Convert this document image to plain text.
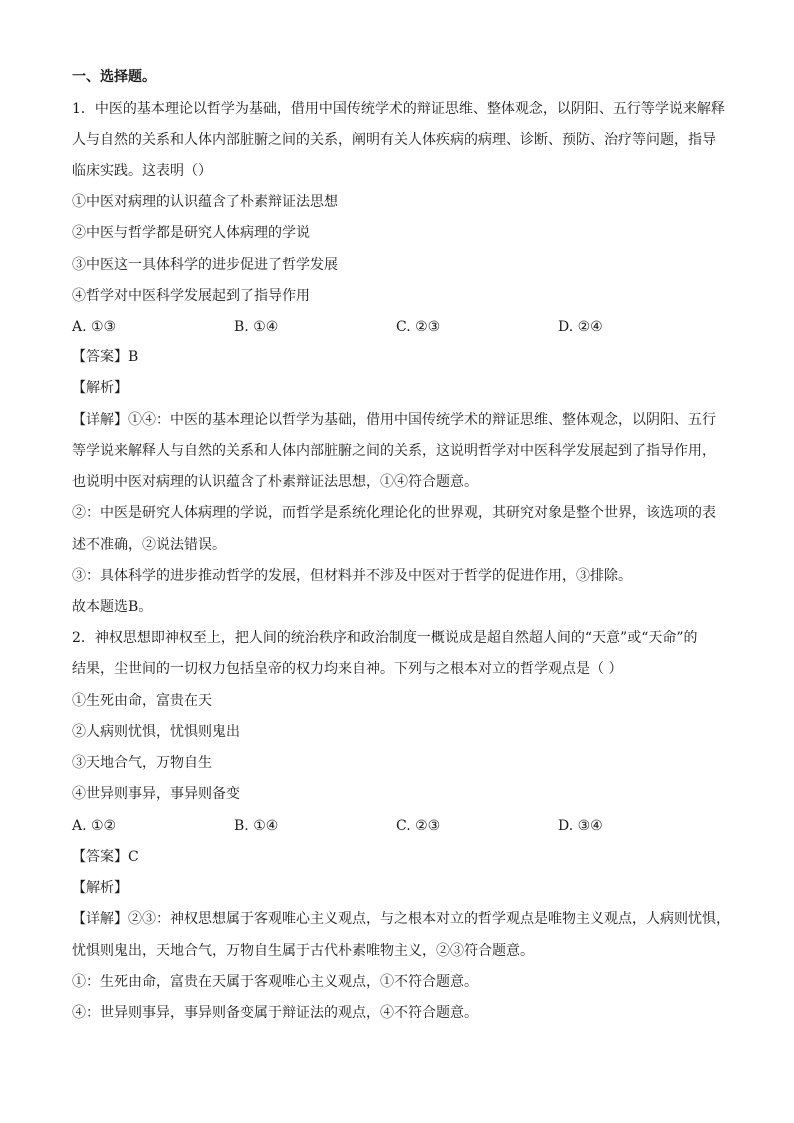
一、选择题。
1．中医的基本理论以哲学为基础，借用中国传统学术的辩证思维、整体观念，以阴阳、五行等学说来解释
人与自然的关系和人体内部脏腑之间的关系，阐明有关人体疾病的病理、诊断、预防、治疗等问题，指导
临床实践。这表明（）
①中医对病理的认识蕴含了朴素辩证法思想
②中医与哲学都是研究人体病理的学说
③中医这一具体科学的进步促进了哲学发展
④哲学对中医科学发展起到了指导作用
A. ①③	B. ①④	C. ②③	D. ②④
【答案】B
【解析】
【详解】①④：中医的基本理论以哲学为基础，借用中国传统学术的辩证思维、整体观念，以阴阳、五行
等学说来解释人与自然的关系和人体内部脏腑之间的关系，这说明哲学对中医科学发展起到了指导作用，
也说明中医对病理的认识蕴含了朴素辩证法思想，①④符合题意。
②：中医是研究人体病理的学说，而哲学是系统化理论化的世界观，其研究对象是整个世界，该选项的表
述不准确，②说法错误。
③：具体科学的进步推动哲学的发展，但材料并不涉及中医对于哲学的促进作用，③排除。
故本题选B。
2．神权思想即神权至上，把人间的统治秩序和政治制度一概说成是超自然超人间的“天意”或“天命”的
结果，尘世间的一切权力包括皇帝的权力均来自神。下列与之根本对立的哲学观点是（ ）
①生死由命，富贵在天
②人病则忧惧，忧惧则鬼出
③天地合气，万物自生
④世异则事异，事异则备变
A. ①②	B. ①④	C. ②③	D. ③④
【答案】C
【解析】
【详解】②③：神权思想属于客观唯心主义观点，与之根本对立的哲学观点是唯物主义观点，人病则忧惧，
忧惧则鬼出，天地合气，万物自生属于古代朴素唯物主义，②③符合题意。
①：生死由命，富贵在天属于客观唯心主义观点，①不符合题意。
④：世异则事异，事异则备变属于辩证法的观点，④不符合题意。
